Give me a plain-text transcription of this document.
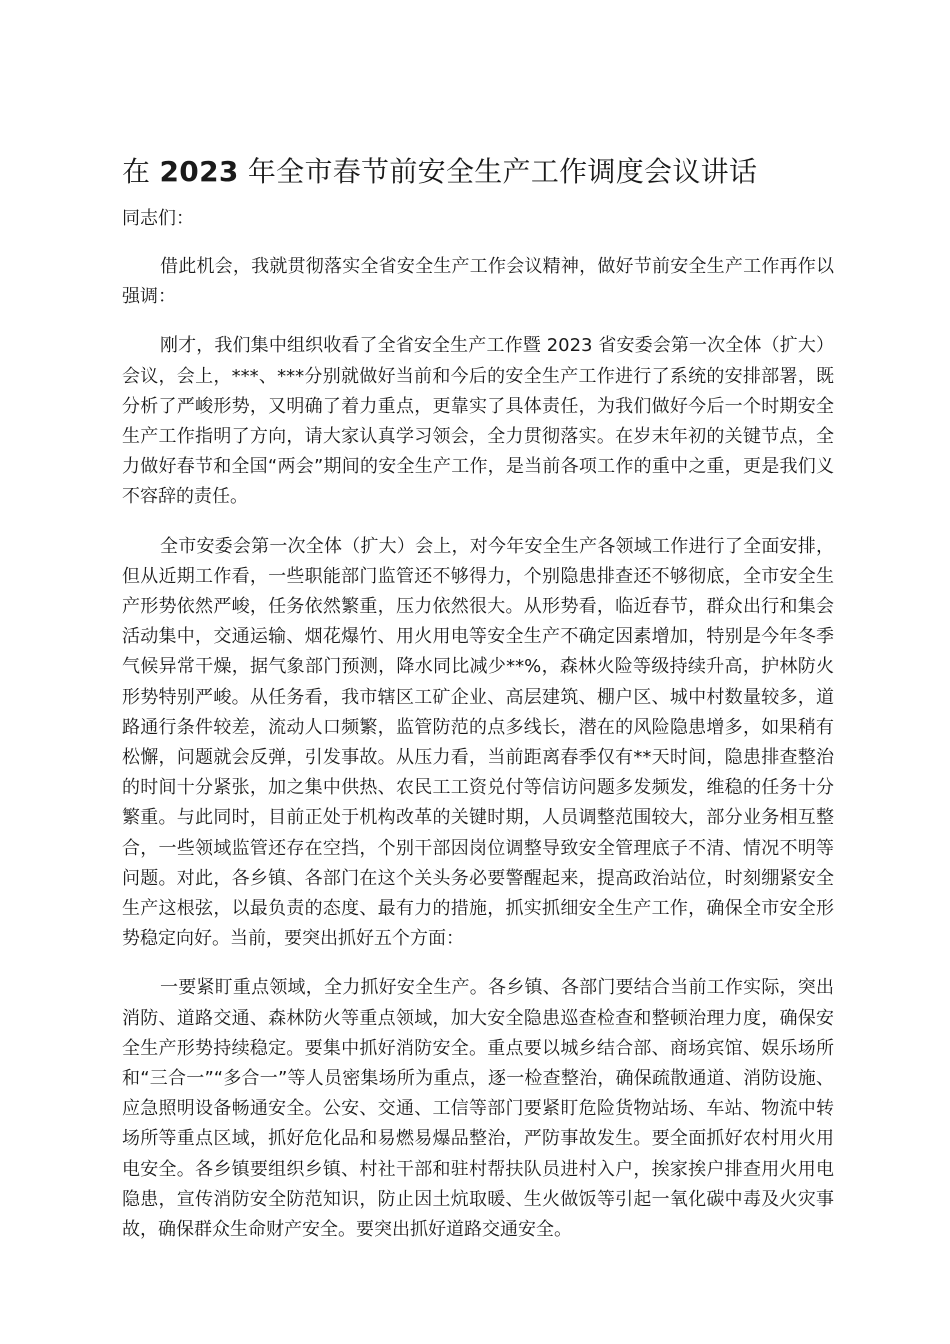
在 2023 年全市春节前安全生产工作调度会议讲话

同志们：

借此机会，我就贯彻落实全省安全生产工作会议精神，做好节前安全生产工作再作以强调：

刚才，我们集中组织收看了全省安全生产工作暨 2023 省安委会第一次全体（扩大）会议，会上，***、***分别就做好当前和今后的安全生产工作进行了系统的安排部署，既分析了严峻形势，又明确了着力重点，更靠实了具体责任，为我们做好今后一个时期安全生产工作指明了方向，请大家认真学习领会，全力贯彻落实。在岁末年初的关键节点，全力做好春节和全国“两会”期间的安全生产工作，是当前各项工作的重中之重，更是我们义不容辞的责任。

全市安委会第一次全体（扩大）会上，对今年安全生产各领域工作进行了全面安排，但从近期工作看，一些职能部门监管还不够得力，个别隐患排查还不够彻底，全市安全生产形势依然严峻，任务依然繁重，压力依然很大。从形势看，临近春节，群众出行和集会活动集中，交通运输、烟花爆竹、用火用电等安全生产不确定因素增加，特别是今年冬季气候异常干燥，据气象部门预测，降水同比减少**%，森林火险等级持续升高，护林防火形势特别严峻。从任务看，我市辖区工矿企业、高层建筑、棚户区、城中村数量较多，道路通行条件较差，流动人口频繁，监管防范的点多线长，潜在的风险隐患增多，如果稍有松懈，问题就会反弹，引发事故。从压力看，当前距离春季仅有**天时间，隐患排查整治的时间十分紧张，加之集中供热、农民工工资兑付等信访问题多发频发，维稳的任务十分繁重。与此同时，目前正处于机构改革的关键时期，人员调整范围较大，部分业务相互整合，一些领域监管还存在空挡，个别干部因岗位调整导致安全管理底子不清、情况不明等问题。对此，各乡镇、各部门在这个关头务必要警醒起来，提高政治站位，时刻绷紧安全生产这根弦，以最负责的态度、最有力的措施，抓实抓细安全生产工作，确保全市安全形势稳定向好。当前，要突出抓好五个方面：

一要紧盯重点领域，全力抓好安全生产。各乡镇、各部门要结合当前工作实际，突出消防、道路交通、森林防火等重点领域，加大安全隐患巡查检查和整顿治理力度，确保安全生产形势持续稳定。要集中抓好消防安全。重点要以城乡结合部、商场宾馆、娱乐场所和“三合一”“多合一”等人员密集场所为重点，逐一检查整治，确保疏散通道、消防设施、应急照明设备畅通安全。公安、交通、工信等部门要紧盯危险货物站场、车站、物流中转场所等重点区域，抓好危化品和易燃易爆品整治，严防事故发生。要全面抓好农村用火用电安全。各乡镇要组织乡镇、村社干部和驻村帮扶队员进村入户，挨家挨户排查用火用电隐患，宣传消防安全防范知识，防止因土炕取暖、生火做饭等引起一氧化碳中毒及火灾事故，确保群众生命财产安全。要突出抓好道路交通安全。
